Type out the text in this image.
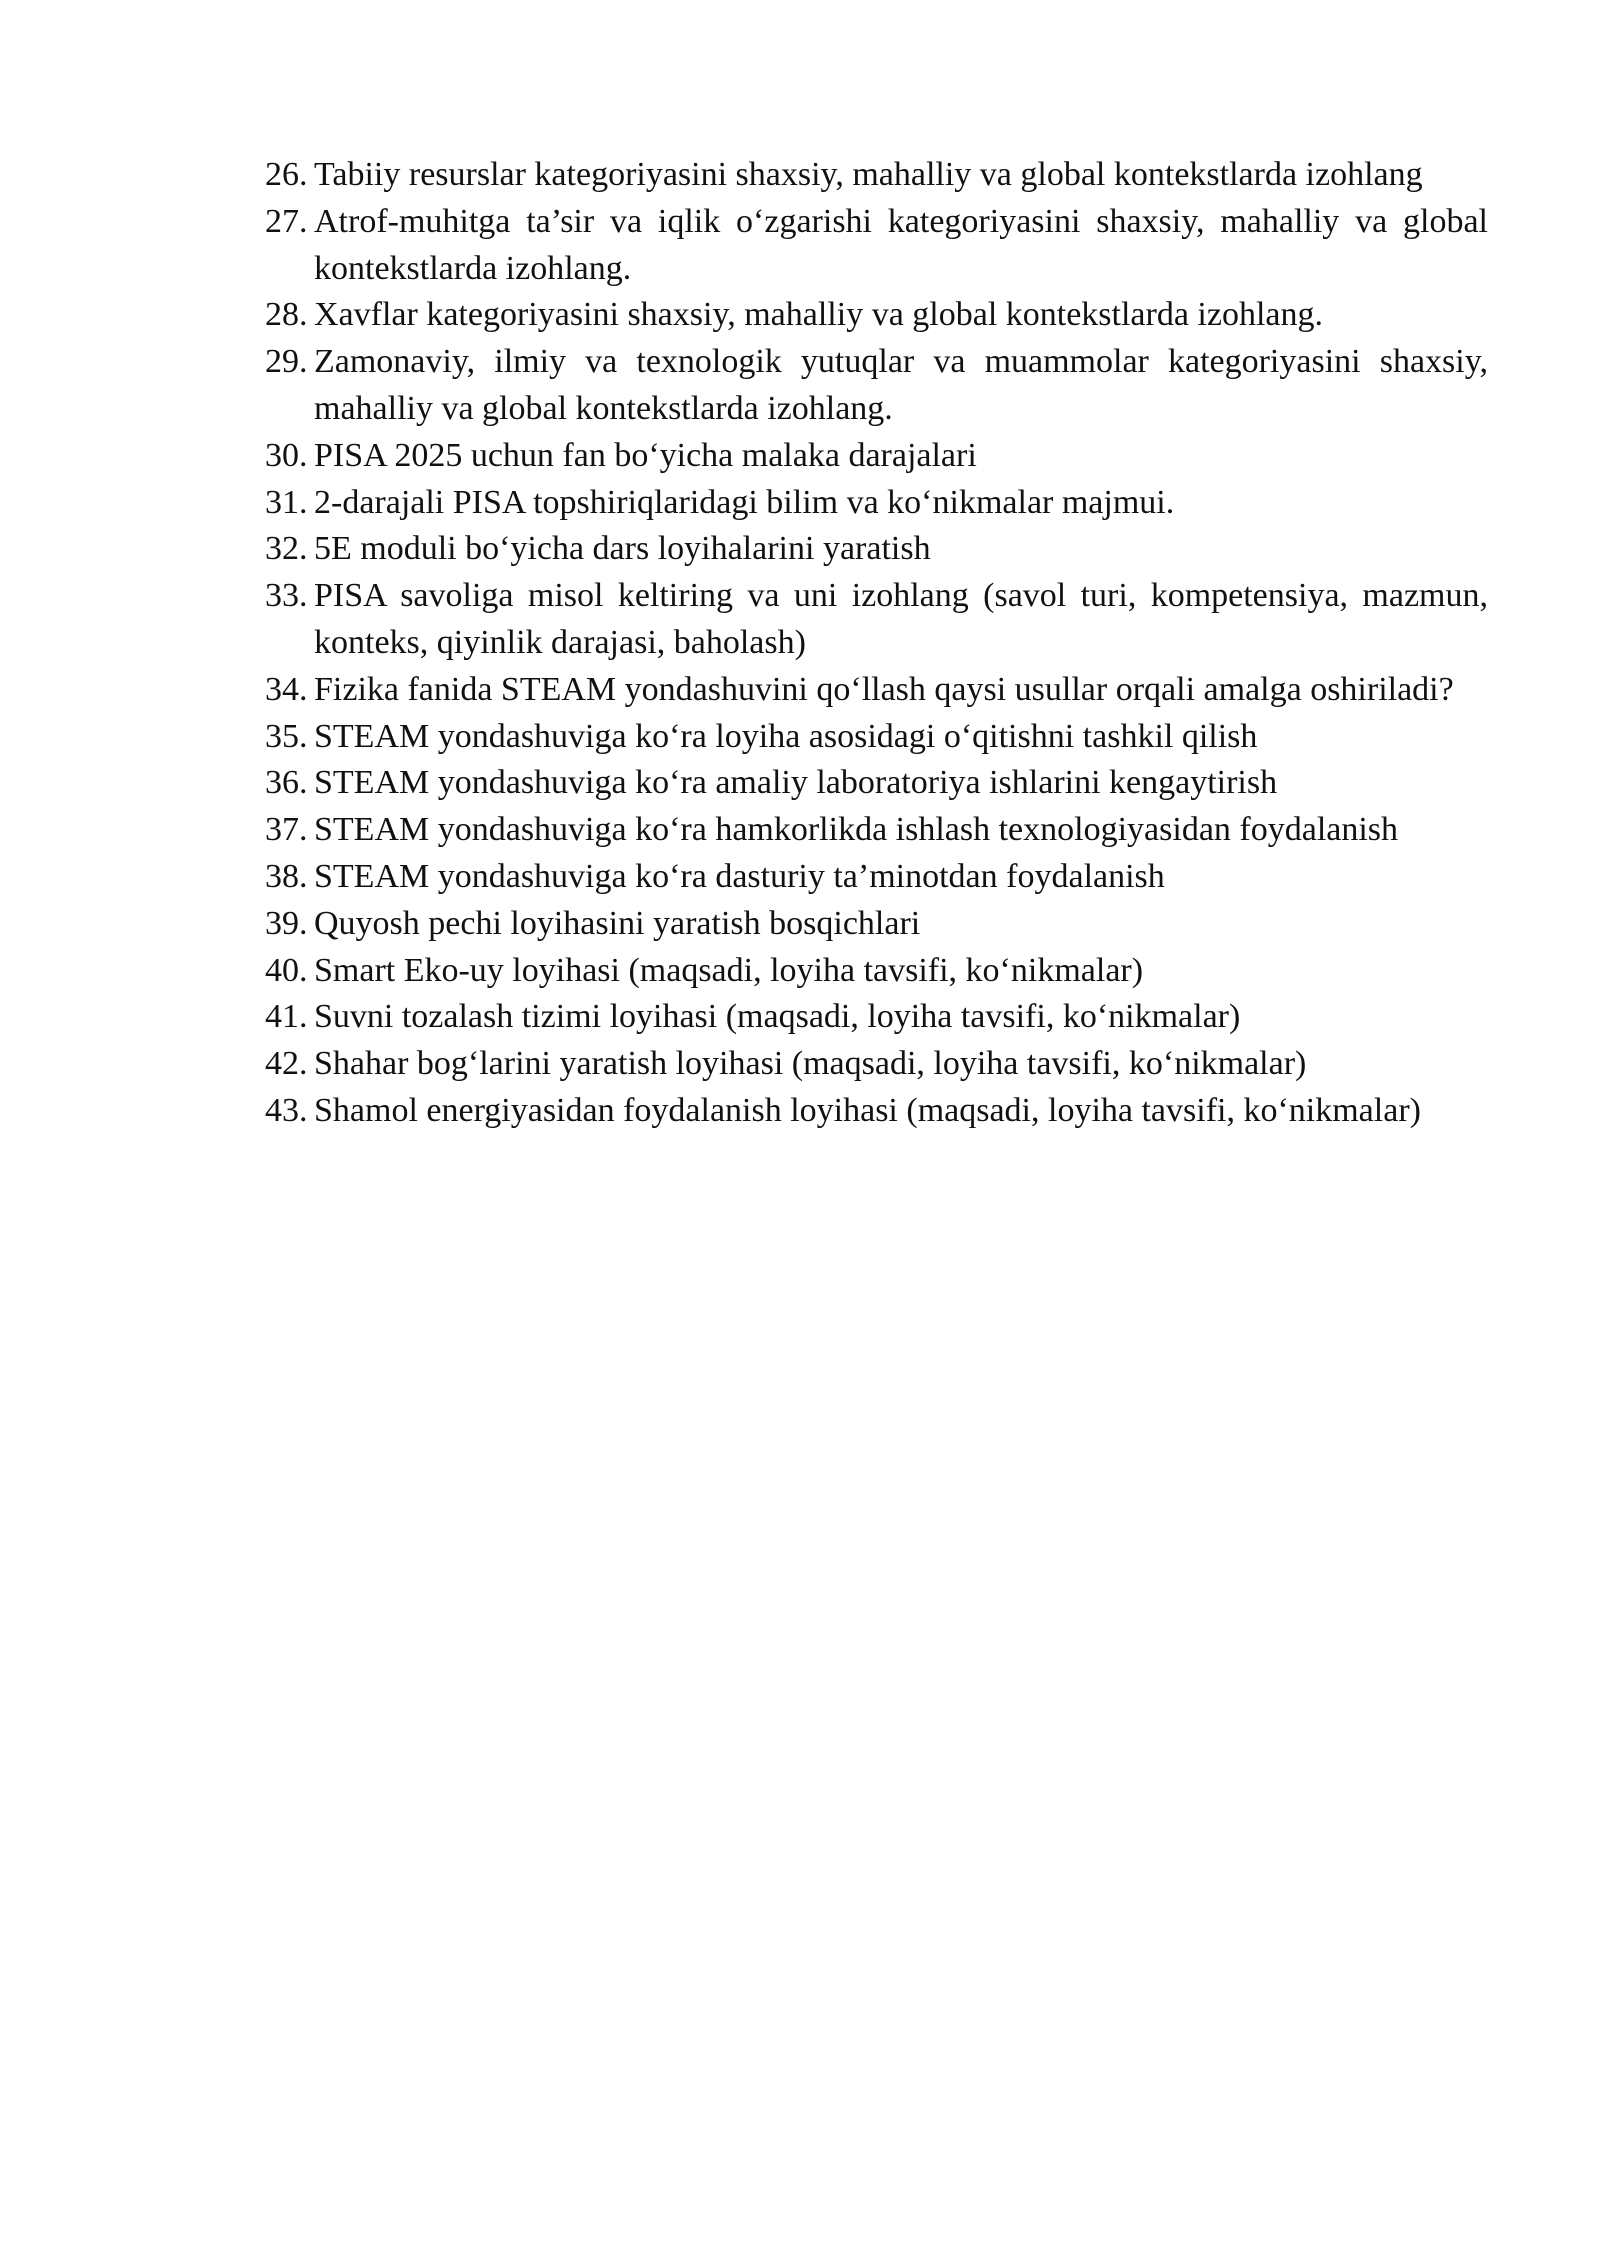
26. Tabiiy resurslar kategoriyasini shaxsiy, mahalliy va global kontekstlarda izohlang
27. Atrof-muhitga ta’sir va iqlik o‘zgarishi kategoriyasini shaxsiy, mahalliy va global kontekstlarda izohlang.
28. Xavflar kategoriyasini shaxsiy, mahalliy va global kontekstlarda izohlang.
29. Zamonaviy, ilmiy va texnologik yutuqlar va muammolar kategoriyasini shaxsiy, mahalliy va global kontekstlarda izohlang.
30. PISA 2025 uchun fan bo‘yicha malaka darajalari
31. 2-darajali PISA topshiriqlaridagi bilim va ko‘nikmalar majmui.
32. 5E moduli bo‘yicha dars loyihalarini yaratish
33. PISA savoliga misol keltiring va uni izohlang (savol turi, kompetensiya, mazmun, konteks, qiyinlik darajasi, baholash)
34. Fizika fanida STEAM yondashuvini qo‘llash qaysi usullar orqali amalga oshiriladi?
35. STEAM yondashuviga ko‘ra loyiha asosidagi o‘qitishni tashkil qilish
36. STEAM yondashuviga ko‘ra amaliy laboratoriya ishlarini kengaytirish
37. STEAM yondashuviga ko‘ra hamkorlikda ishlash texnologiyasidan foydalanish
38. STEAM yondashuviga ko‘ra dasturiy ta’minotdan foydalanish
39. Quyosh pechi loyihasini yaratish bosqichlari
40. Smart Eko-uy loyihasi (maqsadi, loyiha tavsifi, ko‘nikmalar)
41. Suvni tozalash tizimi loyihasi (maqsadi, loyiha tavsifi, ko‘nikmalar)
42. Shahar bog‘larini yaratish loyihasi (maqsadi, loyiha tavsifi, ko‘nikmalar)
43. Shamol energiyasidan foydalanish loyihasi (maqsadi, loyiha tavsifi, ko‘nikmalar)
